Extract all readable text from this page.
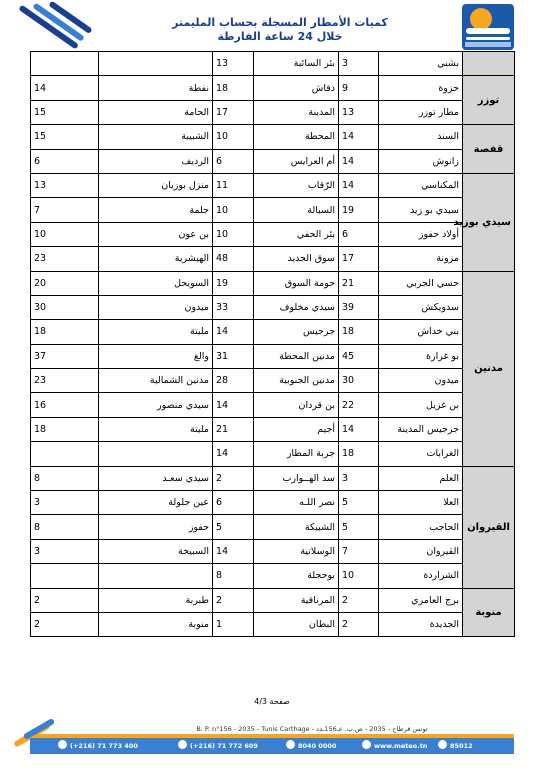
كميات الأمطار المسجلة بحساب المليمتر
خلال 24 ساعة الفارطة
	بشني	3	بئر السائبة	13		
توزر	حزوة	9	دقاش	18	نفطة	14
	مطار توزر	13	المدينة	17	الحامة	15
قفصة	السند	14	المحطة	10	الشبيبة	15
	زانوش	14	أم العرايس	6	الرديف	6
سيدي بوزيد	المكناسي	14	الرّقاب	11	منزل بوزيان	13
	سيدي بو زيد	19	السبالة	10	جلمة	7
	أولاد حفوز	6	بئر الحفي	10	بن عون	10
	مزونة	17	سوق الجديد	48	الهيشرية	23
مدنين	حسي الجربي	21	حومة السوق	19	السويحل	20
	سدويكش	39	سيدي مخلوف	33	ميدون	30
	بني خداش	18	جرجيس	14	مليتة	18
	بو غرارة	45	مدنين المحطة	31	والغ	37
	ميدون	30	مدنين الجنوبية	28	مدنين الشمالية	23
	بن غزيل	22	بن قردان	14	سيدي منصور	16
	جرجيس المدينة	14	أجيم	21	مليتة	18
	الغرابات	18	جربة المطار	14		
القيروان	العلم	3	سد الهــوارب	2	سيدي سعـد	8
	العلا	5	نصر اللـه	6	عين جلولة	3
	الحاجب	5	الشبيكة	5	حفوز	8
	القيروان	7	الوسلاتية	14	السبيخة	3
	الشراردة	10	بوحجلة	8		
منوبة	برج العامري	2	المرناقية	2	طبربة	2
	الجديدة	2	البطان	1	منوبة	2
صفحة 4/3
B. P. n°156 - 2035 - Tunis Carthage - تونس قرطاج - 2035 - ص.ب. عـ156ـدد
(+216) 71 773 400	(+216) 71 772 609	8040 0000	www.meteo.tn	85012
